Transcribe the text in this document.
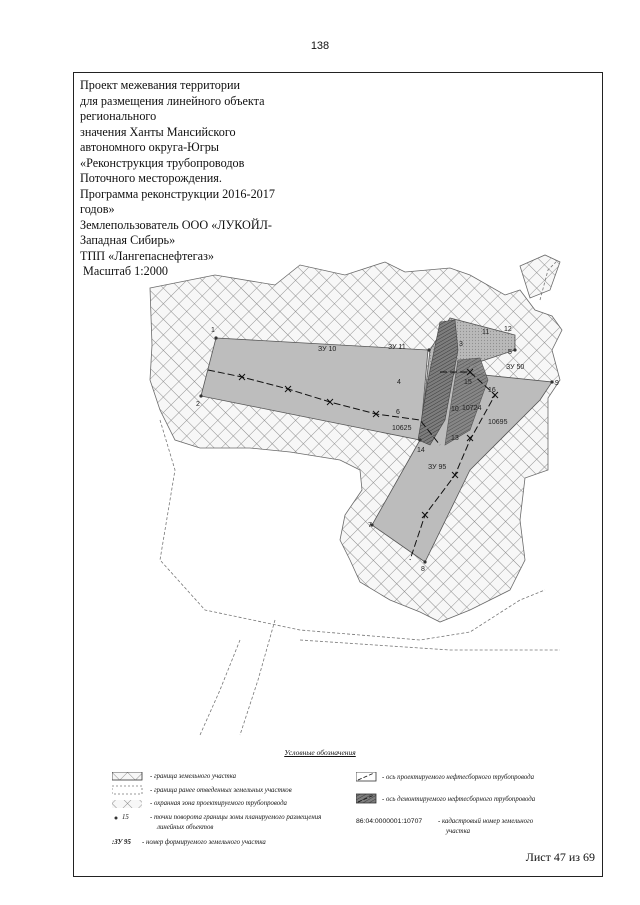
138
Проект межевания территории
для размещения линейного объекта
регионального
значения Ханты Мансийского
автономного округа-Югры
«Реконструкция трубопроводов
Поточного месторождения.
Программа реконструкции 2016-2017
годов»
Землепользователь ООО «ЛУКОЙЛ-
Западная Сибирь»
ТПП «Лангепаснефтегаз»
Масштаб 1:2000
ЗУ 10	ЗУ 11
ЗУ 50
ЗУ 95
10625
10724
10695
1
2
3
4
5
6
7
8
9
10
11 12
13
14
15
16
Условные обозначения
- граница земельного участка
- граница ранее отведенных земельных участков
- охранная зона проектируемого трубопровода
15	- точки поворота границы зоны планируемого размещения
линейных объектов
:ЗУ 95 - номер формируемого земельного участка
- ось проектируемого нефтесборного трубопровода
- ось демонтируемого нефтесборного трубопровода
86:04:0000001:10707 - кадастровый номер земельного
участка
Лист 47 из 69
